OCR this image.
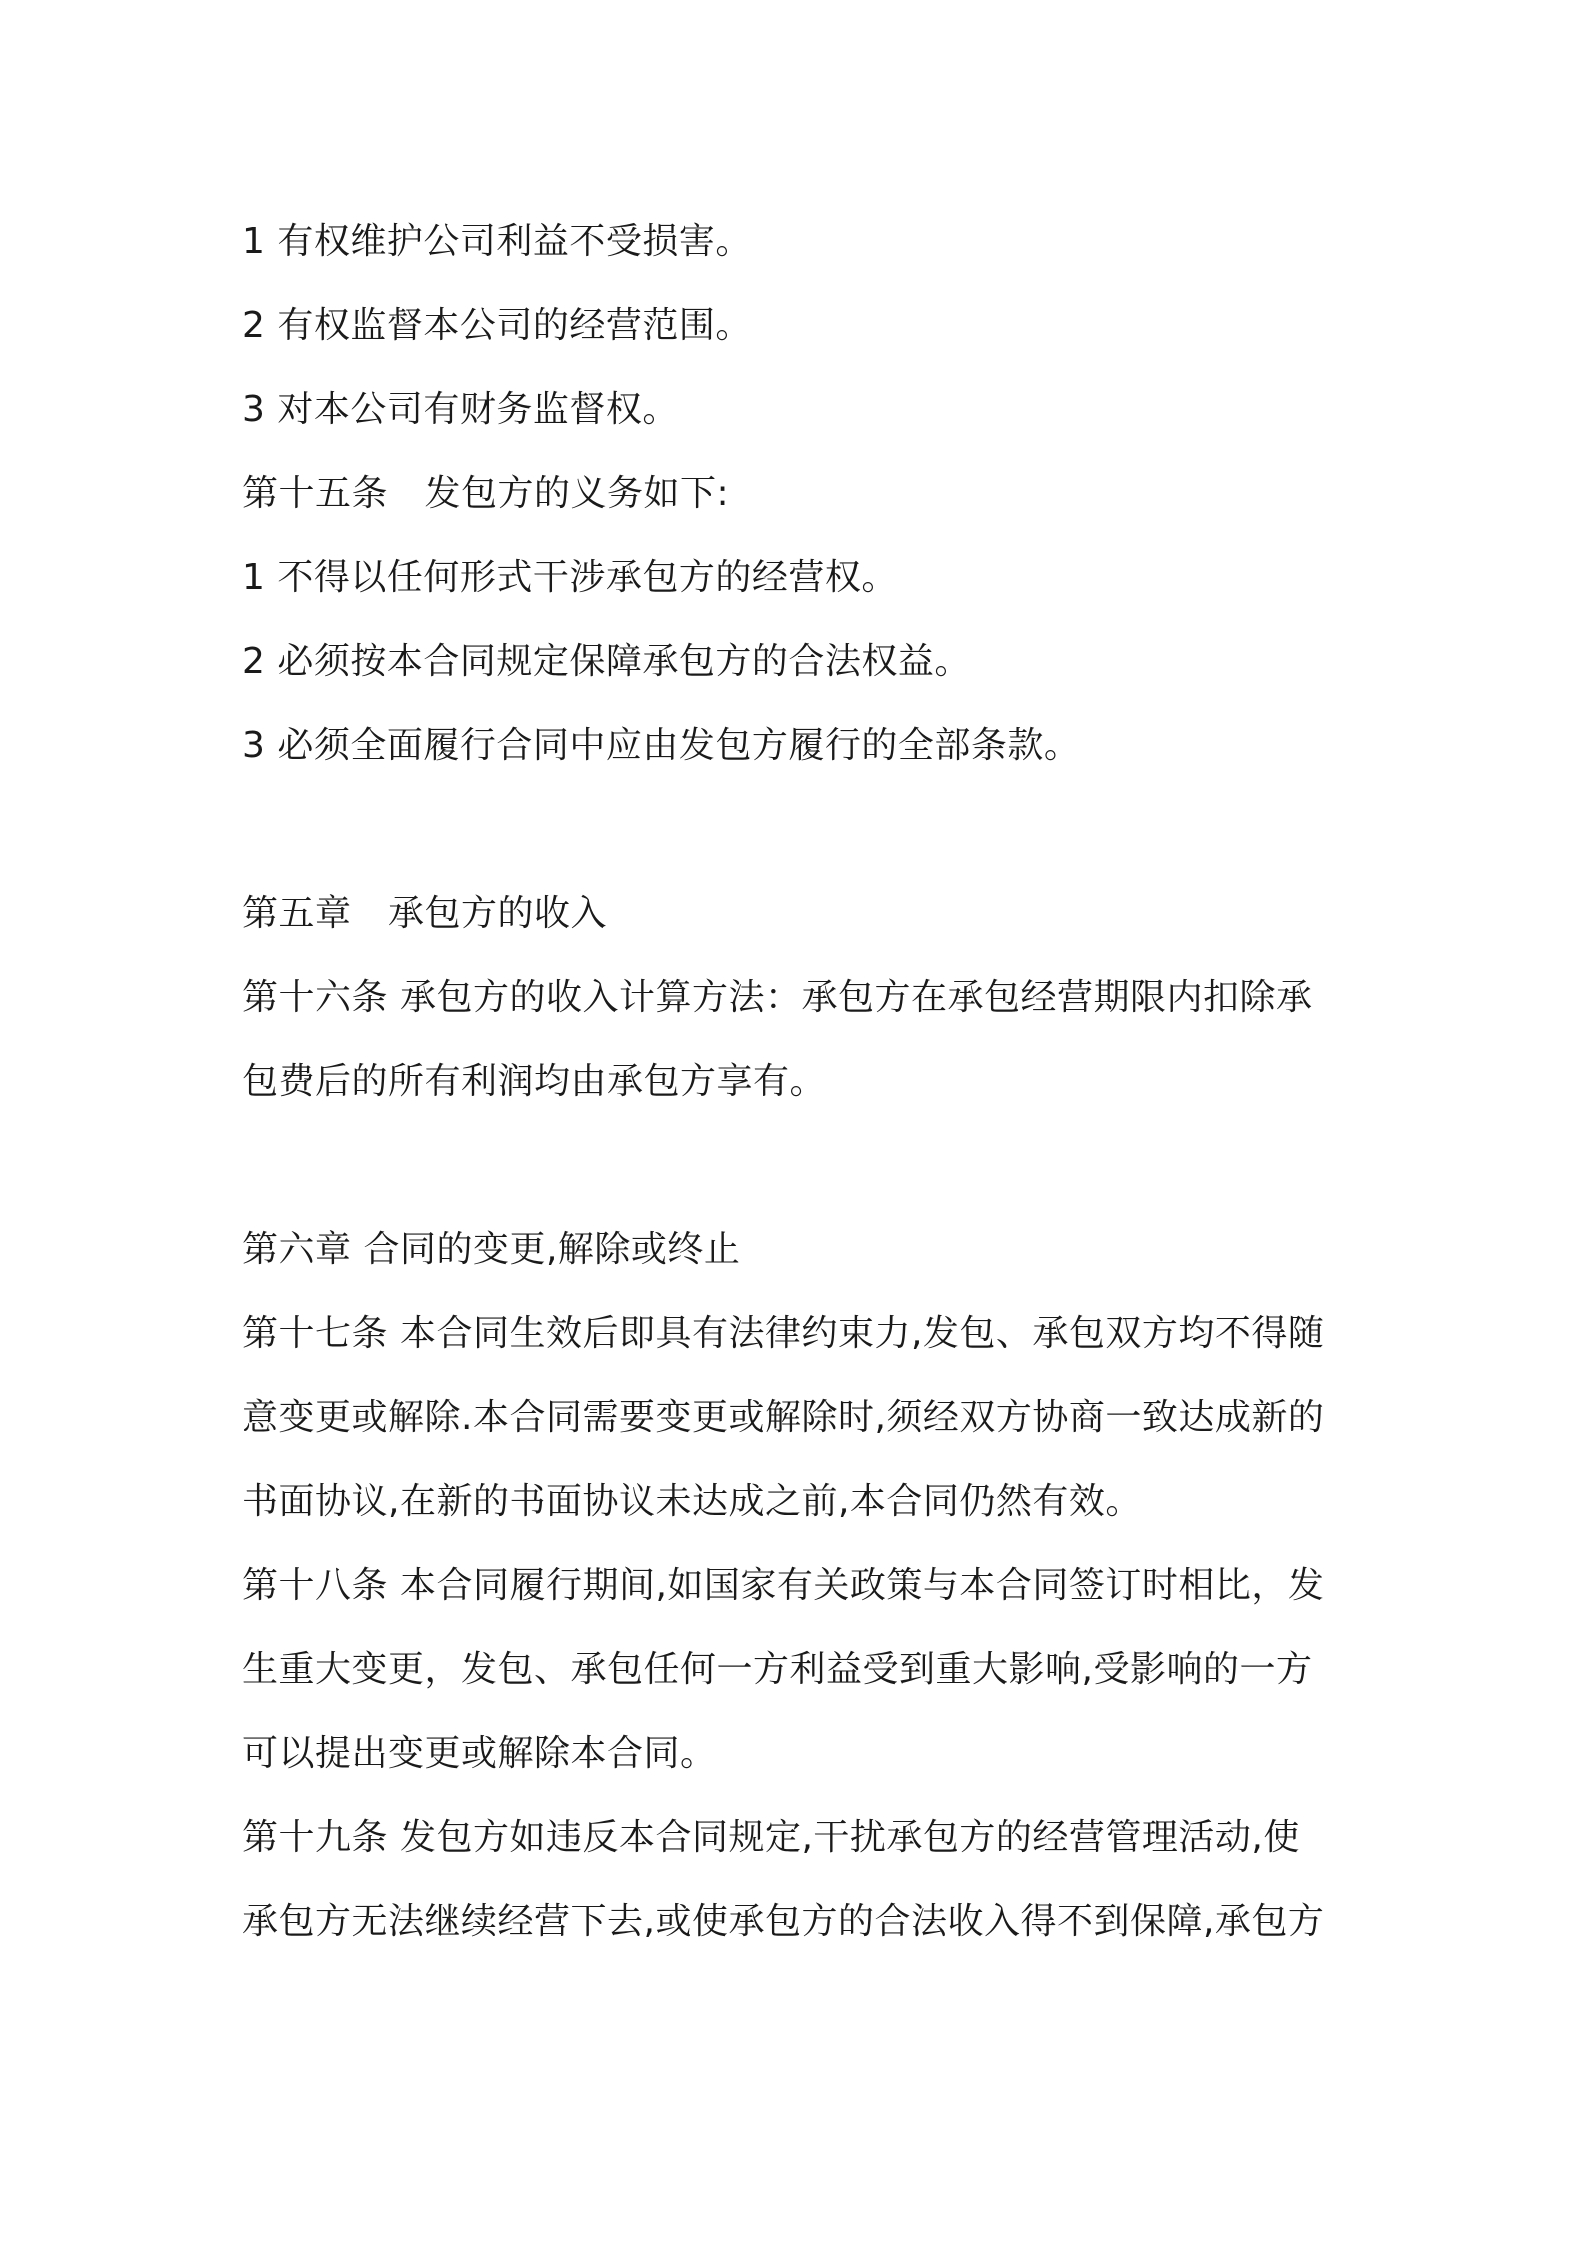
1 有权维护公司利益不受损害。
2 有权监督本公司的经营范围。
3 对本公司有财务监督权。
第十五条　发包方的义务如下:
1 不得以任何形式干涉承包方的经营权。
2 必须按本合同规定保障承包方的合法权益。
3 必须全面履行合同中应由发包方履行的全部条款。
第五章　承包方的收入
第十六条 承包方的收入计算方法：承包方在承包经营期限内扣除承
包费后的所有利润均由承包方享有。
第六章 合同的变更,解除或终止
第十七条 本合同生效后即具有法律约束力,发包、承包双方均不得随
意变更或解除.本合同需要变更或解除时,须经双方协商一致达成新的
书面协议,在新的书面协议未达成之前,本合同仍然有效。
第十八条 本合同履行期间,如国家有关政策与本合同签订时相比，发
生重大变更，发包、承包任何一方利益受到重大影响,受影响的一方
可以提出变更或解除本合同。
第十九条 发包方如违反本合同规定,干扰承包方的经营管理活动,使
承包方无法继续经营下去,或使承包方的合法收入得不到保障,承包方
